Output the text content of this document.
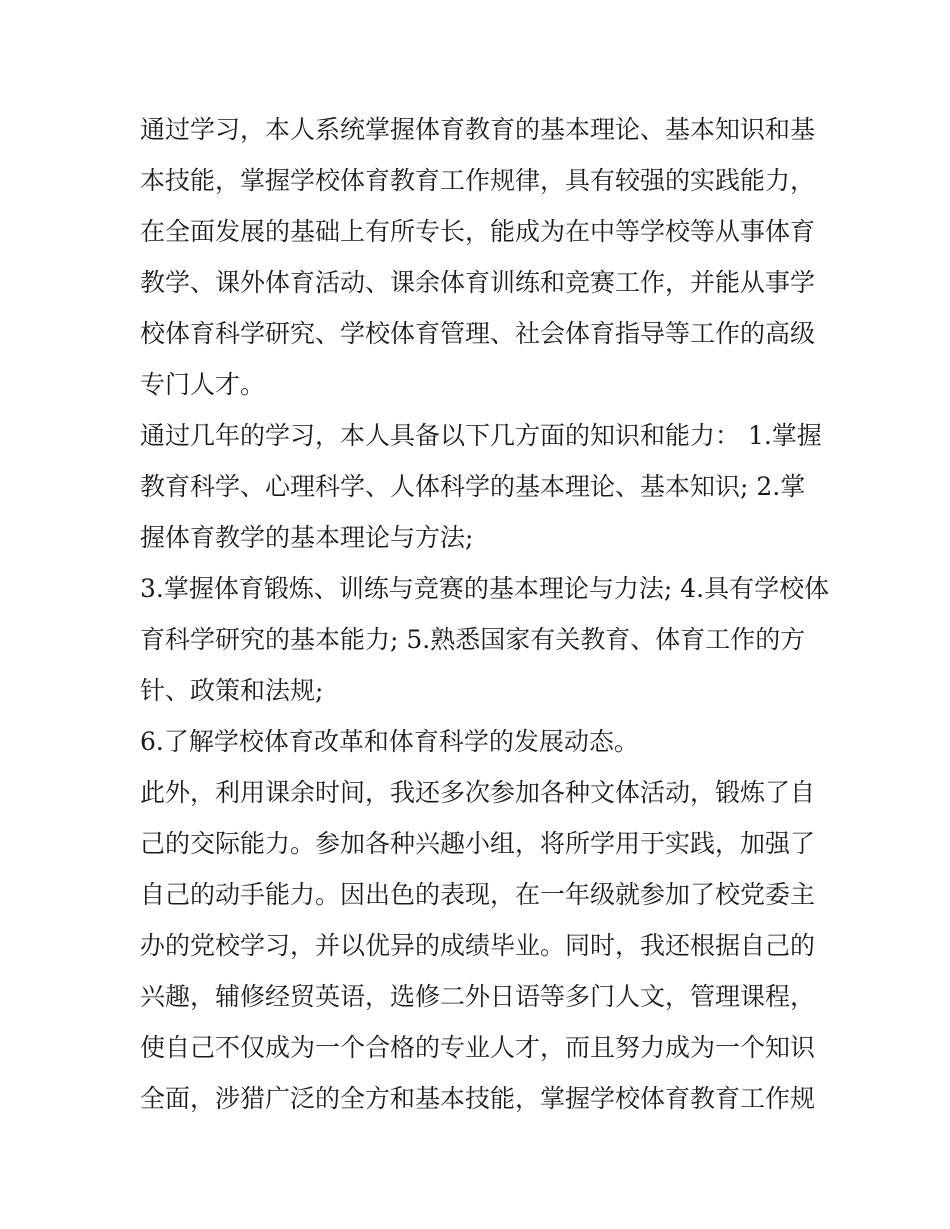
通过学习，本人系统掌握体育教育的基本理论、基本知识和基
本技能，掌握学校体育教育工作规律，具有较强的实践能力，
在全面发展的基础上有所专长，能成为在中等学校等从事体育
教学、课外体育活动、课余体育训练和竞赛工作，并能从事学
校体育科学研究、学校体育管理、社会体育指导等工作的高级
专门人才。
通过几年的学习，本人具备以下几方面的知识和能力： 1.掌握
教育科学、心理科学、人体科学的基本理论、基本知识; 2.掌
握体育教学的基本理论与方法;
3.掌握体育锻炼、训练与竞赛的基本理论与力法; 4.具有学校体
育科学研究的基本能力; 5.熟悉国家有关教育、体育工作的方
针、政策和法规;
6.了解学校体育改革和体育科学的发展动态。
此外，利用课余时间，我还多次参加各种文体活动，锻炼了自
己的交际能力。参加各种兴趣小组，将所学用于实践，加强了
自己的动手能力。因出色的表现，在一年级就参加了校党委主
办的党校学习，并以优异的成绩毕业。同时，我还根据自己的
兴趣，辅修经贸英语，选修二外日语等多门人文，管理课程，
使自己不仅成为一个合格的专业人才，而且努力成为一个知识
全面，涉猎广泛的全方和基本技能，掌握学校体育教育工作规
